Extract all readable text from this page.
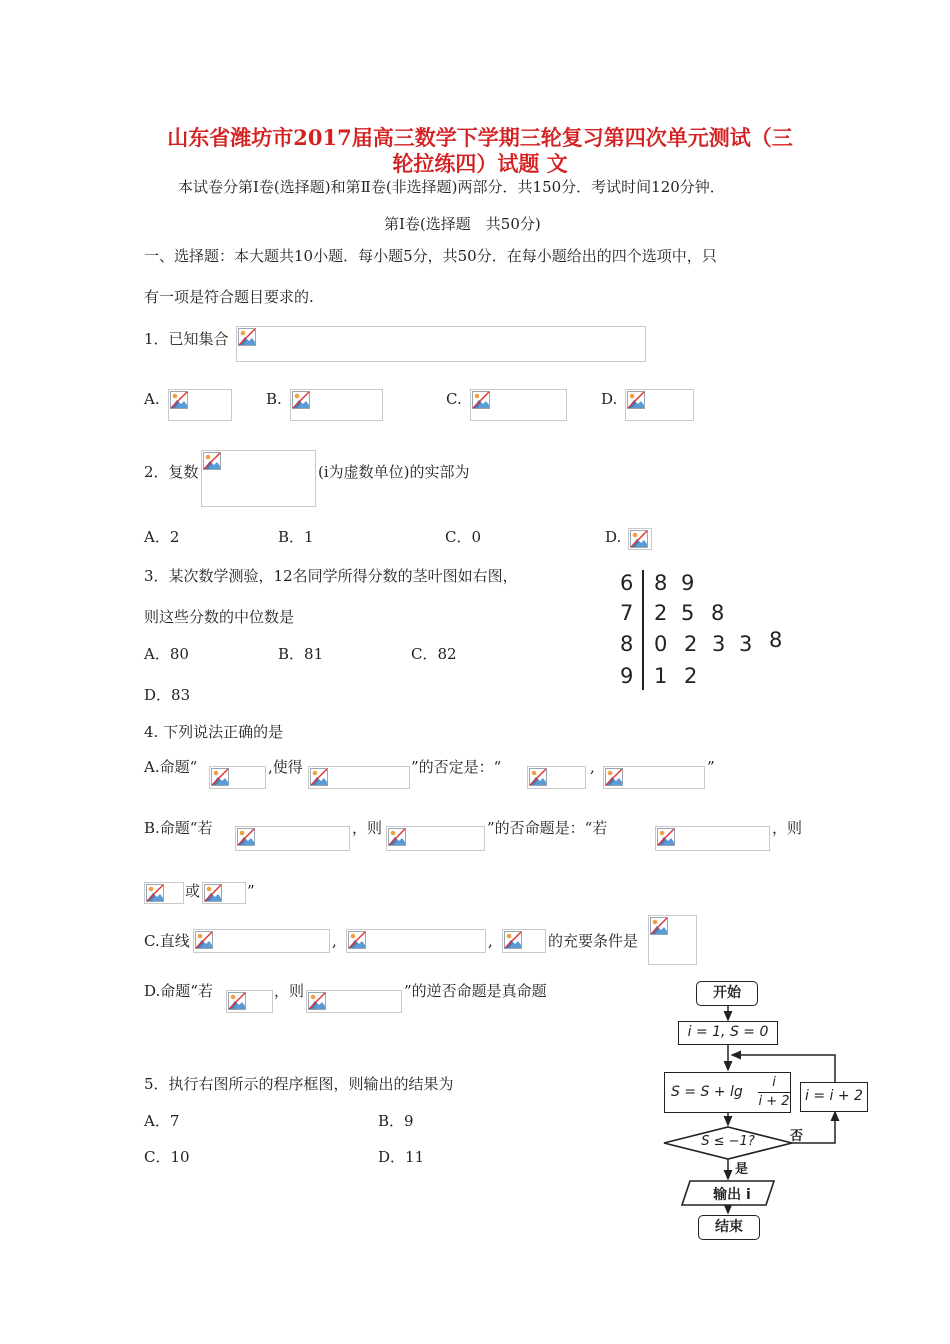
山东省潍坊市2017届高三数学下学期三轮复习第四次单元测试（三
轮拉练四）试题 文
本试卷分第Ⅰ卷(选择题)和第Ⅱ卷(非选择题)两部分．共150分．考试时间120分钟．
第Ⅰ卷(选择题　共50分)
一、选择题：本大题共10小题．每小题5分，共50分．在每小题给出的四个选项中，只
有一项是符合题目要求的.
1．已知集合
A.	B.	C.	D.
2．复数	(i为虚数单位)的实部为
A．2	B．1	C．0	D.
3．某次数学测验，12名同学所得分数的茎叶图如右图，
则这些分数的中位数是
A．80	B．81	C．82
D．83
6 8 9
7 2 5 8
8 0 2 3 3 8
9 1 2
4. 下列说法正确的是
A.命题“	,使得	”的否定是：“	,	”
B.命题“若	，则	”的否命题是：“若	，则
或	”
C.直线	,	,	的充要条件是
D.命题“若	，则	”的逆否命题是真命题
5．执行右图所示的程序框图，则输出的结果为
A．7	B．9
C．10	D．11
开始
i = 1, S = 0
S = S + lg
i
i + 2	i = i + 2
S ≤ −1?	否
是
输出 i
结束
